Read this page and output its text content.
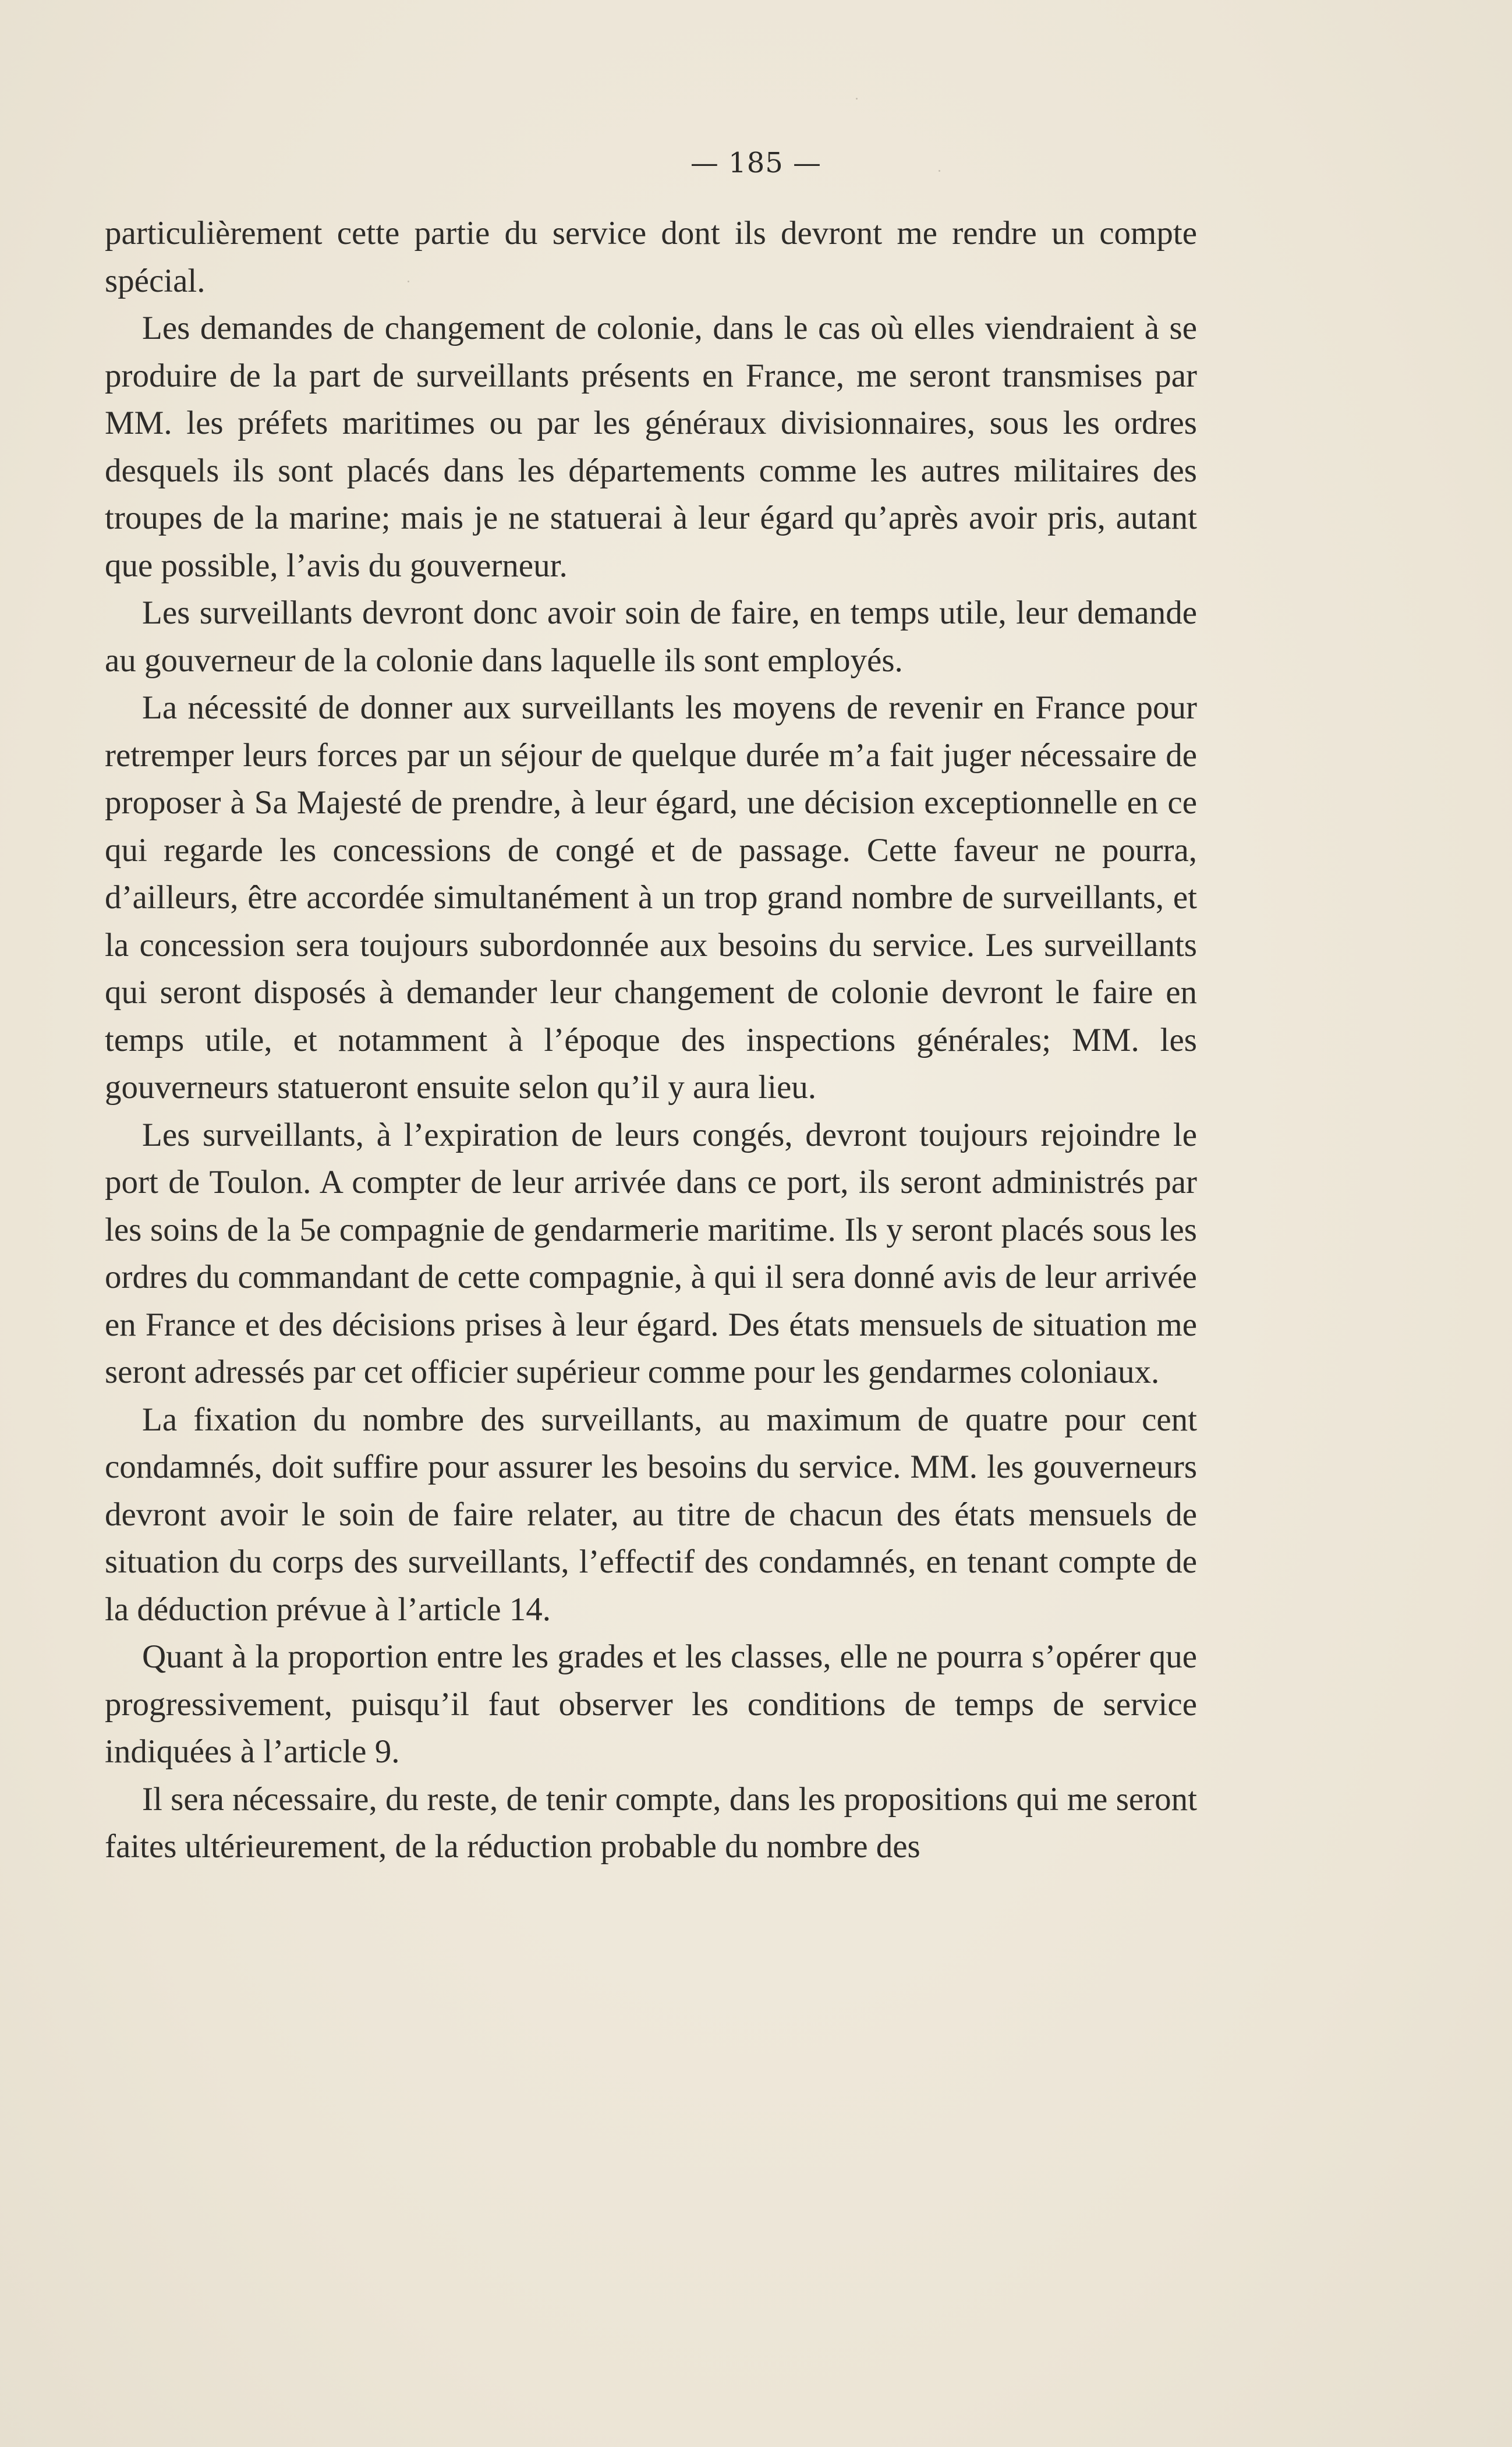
— 185 —

particulièrement cette partie du service dont ils devront me rendre un compte spécial.

Les demandes de changement de colonie, dans le cas où elles viendraient à se produire de la part de surveillants présents en France, me seront transmises par MM. les préfets maritimes ou par les généraux divisionnaires, sous les ordres desquels ils sont placés dans les départements comme les autres militaires des troupes de la marine; mais je ne statuerai à leur égard qu’après avoir pris, autant que possible, l’avis du gouverneur.

Les surveillants devront donc avoir soin de faire, en temps utile, leur demande au gouverneur de la colonie dans laquelle ils sont employés.

La nécessité de donner aux surveillants les moyens de revenir en France pour retremper leurs forces par un séjour de quelque durée m’a fait juger nécessaire de proposer à Sa Majesté de prendre, à leur égard, une décision exceptionnelle en ce qui regarde les concessions de congé et de passage. Cette faveur ne pourra, d’ailleurs, être accordée simultanément à un trop grand nombre de surveillants, et la concession sera toujours subordonnée aux besoins du service. Les surveillants qui seront disposés à demander leur changement de colonie devront le faire en temps utile, et notamment à l’époque des inspections générales; MM. les gouverneurs statueront ensuite selon qu’il y aura lieu.

Les surveillants, à l’expiration de leurs congés, devront toujours rejoindre le port de Toulon. A compter de leur arrivée dans ce port, ils seront administrés par les soins de la 5e compagnie de gendarmerie maritime. Ils y seront placés sous les ordres du commandant de cette compagnie, à qui il sera donné avis de leur arrivée en France et des décisions prises à leur égard. Des états mensuels de situation me seront adressés par cet officier supérieur comme pour les gendarmes coloniaux.

La fixation du nombre des surveillants, au maximum de quatre pour cent condamnés, doit suffire pour assurer les besoins du service. MM. les gouverneurs devront avoir le soin de faire relater, au titre de chacun des états mensuels de situation du corps des surveillants, l’effectif des condamnés, en tenant compte de la déduction prévue à l’article 14.

Quant à la proportion entre les grades et les classes, elle ne pourra s’opérer que progressivement, puisqu’il faut observer les conditions de temps de service indiquées à l’article 9.

Il sera nécessaire, du reste, de tenir compte, dans les propositions qui me seront faites ultérieurement, de la réduction probable du nombre des
